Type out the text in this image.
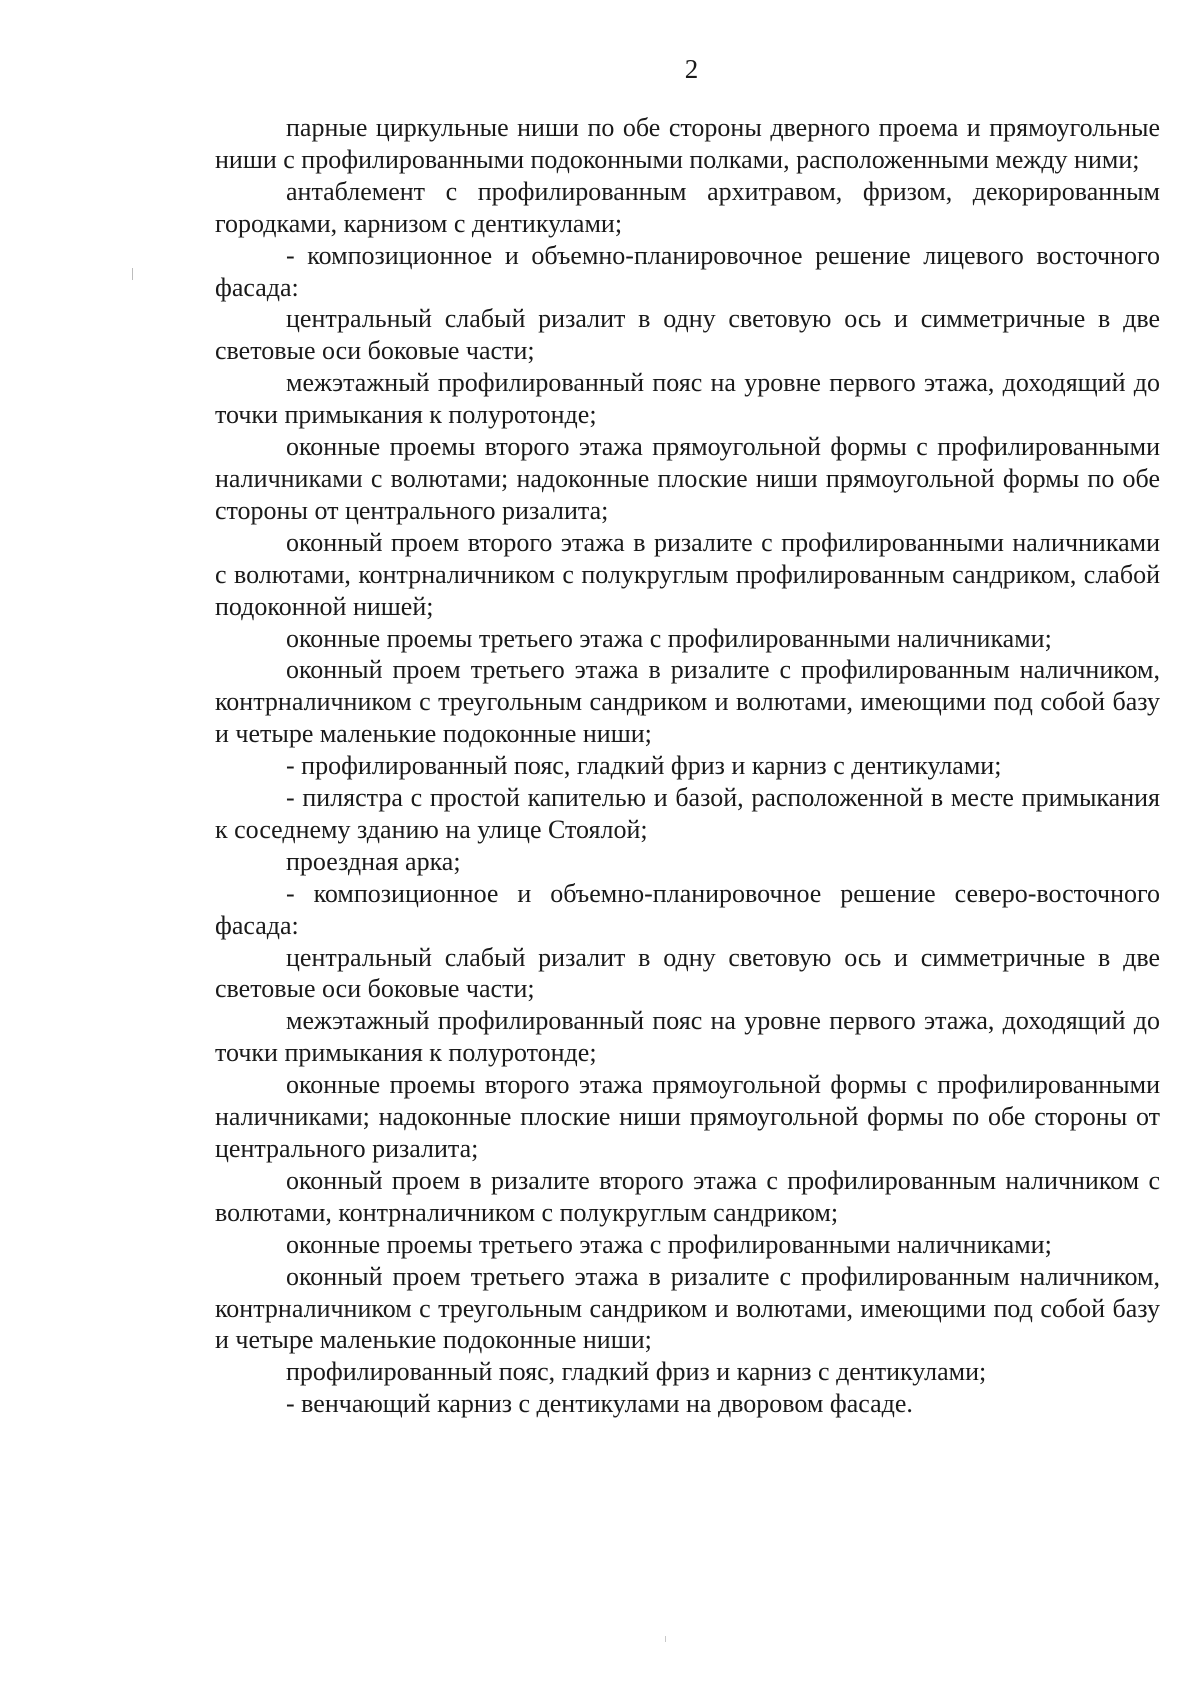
2

парные циркульные ниши по обе стороны дверного проема и прямоугольные ниши с профилированными подоконными полками, расположенными между ними;

антаблемент с профилированным архитравом, фризом, декорированным городками, карнизом с дентикулами;

- композиционное и объемно-планировочное решение лицевого восточного фасада:

центральный слабый ризалит в одну световую ось и симметричные в две световые оси боковые части;

межэтажный профилированный пояс на уровне первого этажа, доходящий до точки примыкания к полуротонде;

оконные проемы второго этажа прямоугольной формы с профилированными наличниками с волютами; надоконные плоские ниши прямоугольной формы по обе стороны от центрального ризалита;

оконный проем второго этажа в ризалите с профилированными наличниками с волютами, контрналичником с полукруглым профилированным сандриком, слабой подоконной нишей;

оконные проемы третьего этажа с профилированными наличниками;

оконный проем третьего этажа в ризалите с профилированным наличником, контрналичником с треугольным сандриком и волютами, имеющими под собой базу и четыре маленькие подоконные ниши;

- профилированный пояс, гладкий фриз и карниз с дентикулами;

- пилястра с простой капителью и базой, расположенной в месте примыкания к соседнему зданию на улице Стоялой;

проездная арка;

- композиционное и объемно-планировочное решение северо-восточного фасада:

центральный слабый ризалит в одну световую ось и симметричные в две световые оси боковые части;

межэтажный профилированный пояс на уровне первого этажа, доходящий до точки примыкания к полуротонде;

оконные проемы второго этажа прямоугольной формы с профилированными наличниками; надоконные плоские ниши прямоугольной формы по обе стороны от центрального ризалита;

оконный проем в ризалите второго этажа с профилированным наличником с волютами, контрналичником с полукруглым сандриком;

оконные проемы третьего этажа с профилированными наличниками;

оконный проем третьего этажа в ризалите с профилированным наличником, контрналичником с треугольным сандриком и волютами, имеющими под собой базу и четыре маленькие подоконные ниши;

профилированный пояс, гладкий фриз и карниз с дентикулами;

- венчающий карниз с дентикулами на дворовом фасаде.
